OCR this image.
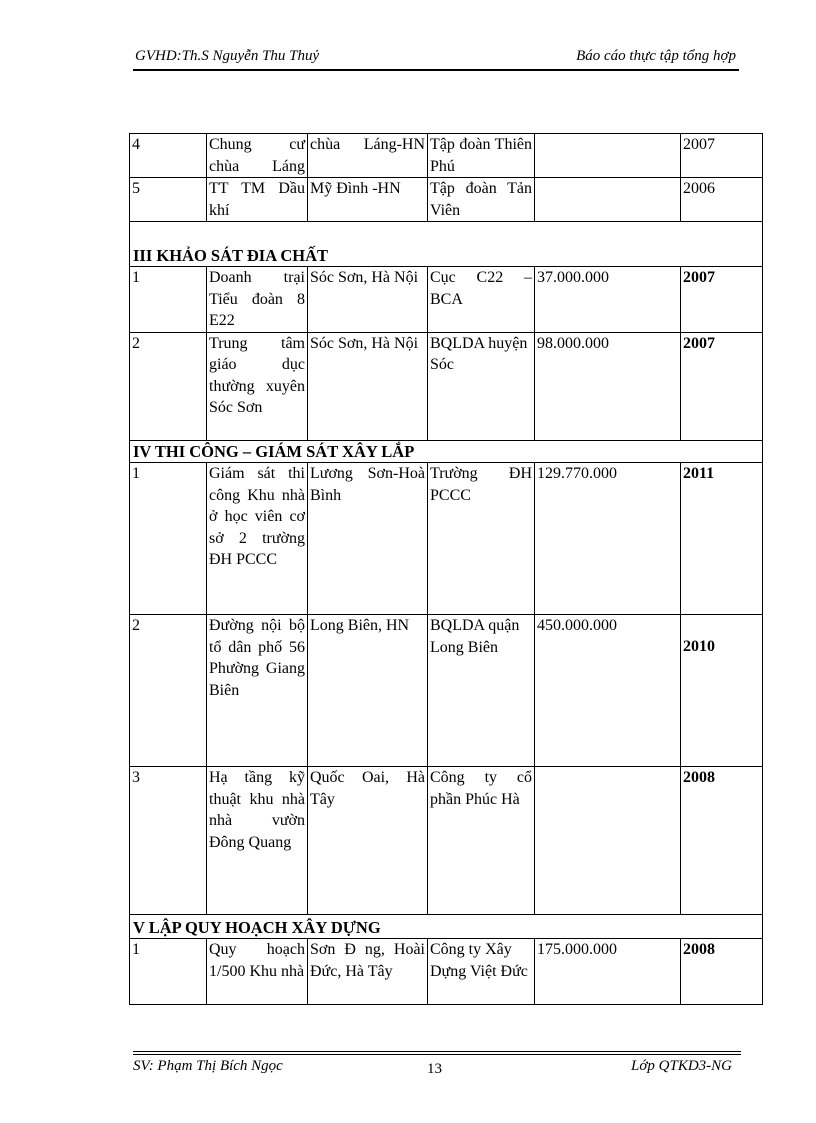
GVHD:Th.S Nguyễn Thu Thuỷ	Báo cáo thực tập tổng hợp
4	Chung cư chùa Láng	chùa Láng-HN	Tập đoàn Thiên Phú		2007
5	TT TM Dầu khí	Mỹ Đình -HN	Tập đoàn Tản Viên		2006
III KHẢO SÁT ĐIA CHẤT					
1	Doanh trại Tiểu đoàn 8 E22	Sóc Sơn, Hà Nội	Cục C22 – BCA	37.000.000	2007
2	Trung tâm giáo dục thường xuyên Sóc Sơn	Sóc Sơn, Hà Nội	BQLDA huyện Sóc	98.000.000	2007
IV THI CÔNG – GIÁM SÁT XÂY LẮP					
1	Giám sát thi công Khu nhà ở học viên cơ sở 2 trường ĐH PCCC	Lương Sơn-Hoà Bình	Trường ĐH PCCC	129.770.000	2011
2	Đường nội bộ tổ dân phố 56 Phường Giang Biên	Long Biên, HN	BQLDA quận Long Biên	450.000.000	2010
3	Hạ tầng kỹ thuật khu nhà nhà vườn Đông Quang	Quốc Oai, Hà Tây	Công ty cổ phần Phúc Hà		2008
V LẬP QUY HOẠCH XÂY DỰNG					
1	Quy hoạch 1/500 Khu nhà	Sơn Đ ng, Hoài Đức, Hà Tây	Công ty Xây Dựng Việt Đức	175.000.000	2008
SV: Phạm Thị Bích Ngọc	13	Lớp QTKD3-NG
